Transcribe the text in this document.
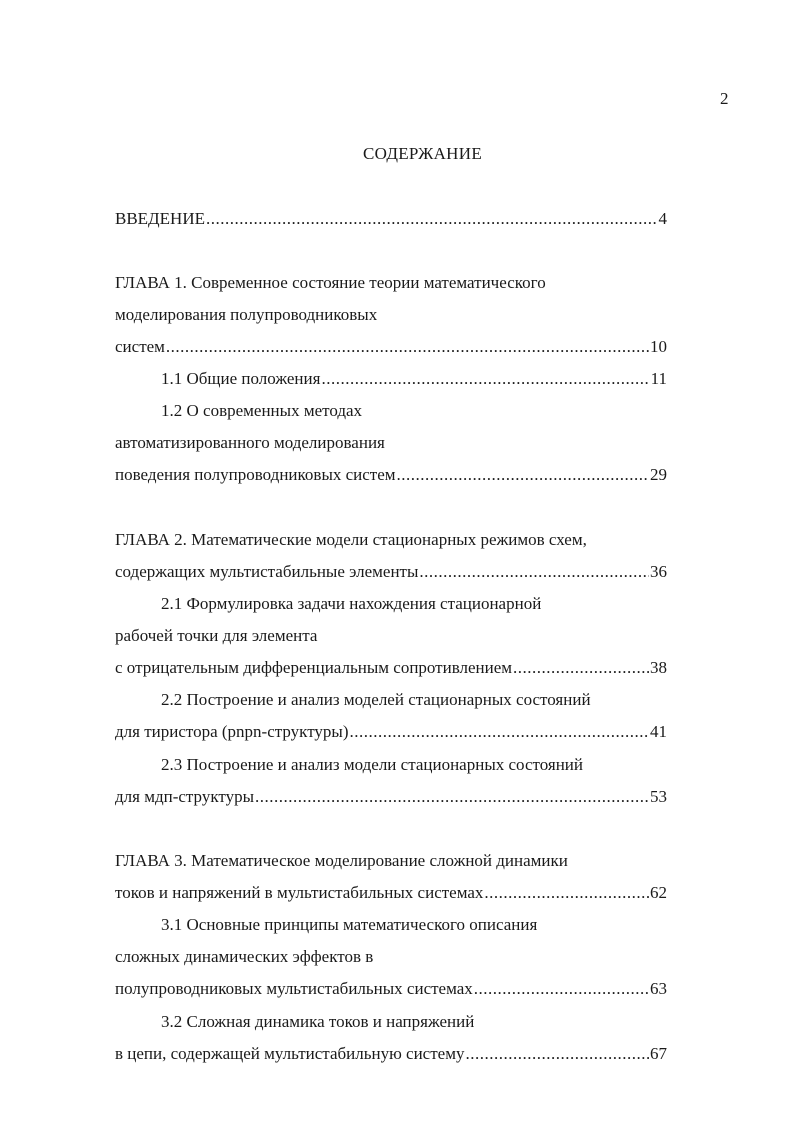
2
СОДЕРЖАНИЕ
ВВЕДЕНИЕ .....	4
ГЛАВА 1. Современное состояние теории математического
моделирования полупроводниковых
систем .....	10
1.1 Общие положения .....	11
1.2 О современных методах
автоматизированного моделирования
поведения полупроводниковых систем .....	29
ГЛАВА 2. Математические модели стационарных режимов схем,
содержащих мультистабильные элементы .....	36
2.1 Формулировка задачи нахождения стационарной
рабочей точки для элемента
с отрицательным дифференциальным сопротивлением .....	38
2.2 Построение и анализ моделей стационарных состояний
для тиристора (pnpn-структуры) .....	41
2.3 Построение и анализ модели стационарных состояний
для мдп-структуры .....	53
ГЛАВА 3. Математическое моделирование сложной динамики
токов и напряжений в мультистабильных системах .....	62
3.1 Основные принципы математического описания
сложных динамических эффектов в
полупроводниковых мультистабильных системах .....	63
3.2 Сложная динамика токов и напряжений
в цепи, содержащей мультистабильную систему .....	67
